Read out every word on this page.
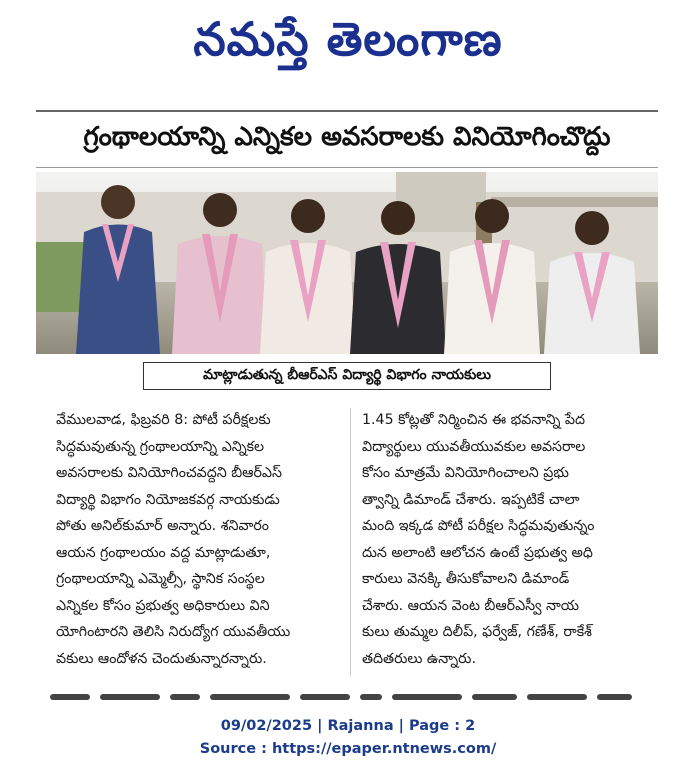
నమస్తే తెలంగాణ
గ్రంథాలయాన్ని ఎన్నికల అవసరాలకు వినియోగించొద్దు
మాట్లాడుతున్న బీఆర్ఎస్ విద్యార్థి విభాగం నాయకులు
వేములవాడ, ఫిబ్రవరి 8: పోటీ పరీక్షలకు
సిద్ధమవుతున్న గ్రంథాలయాన్ని ఎన్నికల
అవసరాలకు వినియోగించవద్దని బీఆర్ఎస్
విద్యార్థి విభాగం నియోజకవర్గ నాయకుడు
పోతు అనిల్‌కుమార్ అన్నారు. శనివారం
ఆయన గ్రంథాలయం వద్ద మాట్లాడుతూ,
గ్రంథాలయాన్ని ఎమ్మెల్సీ, స్థానిక సంస్థల
ఎన్నికల కోసం ప్రభుత్వ అధికారులు విని
యోగింటారని తెలిసి నిరుద్యోగ యువతీయు
వకులు ఆందోళన చెందుతున్నారన్నారు.
1.45 కోట్లతో నిర్మించిన ఈ భవనాన్ని పేద
విద్యార్థులు యువతీయువకుల అవసరాల
కోసం మాత్రమే వినియోగించాలని ప్రభు
త్వాన్ని డిమాండ్ చేశారు. ఇప్పటికే చాలా
మంది ఇక్కడ పోటీ పరీక్షల సిద్ధమవుతున్నం
దున అలాంటి ఆలోచన ఉంటే ప్రభుత్వ అధి
కారులు వెనక్కి తీసుకోవాలని డిమాండ్
చేశారు. ఆయన వెంట బీఆర్ఎస్వీ నాయ
కులు తుమ్మల దిలీప్, ఫర్వేజ్, గణేశ్, రాకేశ్
తదితరులు ఉన్నారు.
09/02/2025 | Rajanna | Page : 2
Source : https://epaper.ntnews.com/
